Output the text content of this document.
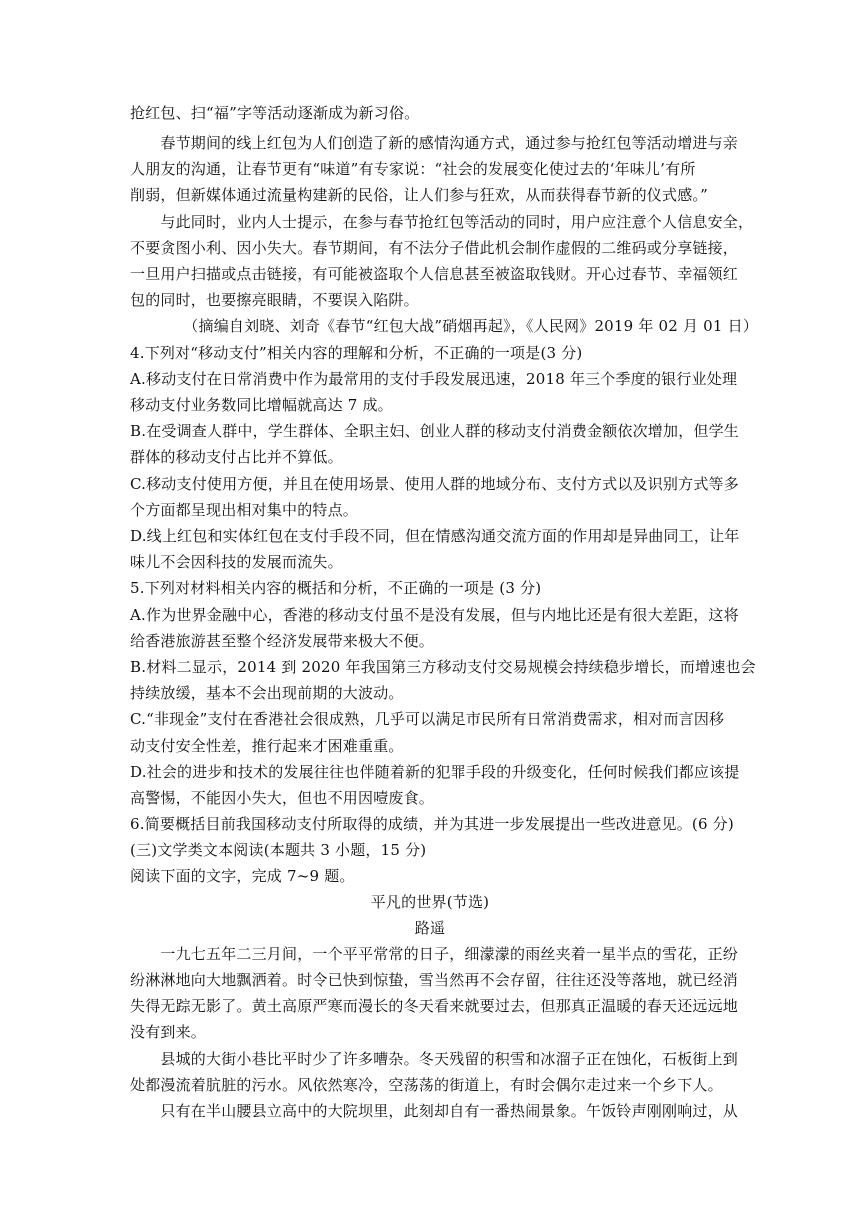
抢红包、扫“福”字等活动逐渐成为新习俗。
　　春节期间的线上红包为人们创造了新的感情沟通方式，通过参与抢红包等活动增进与亲
人朋友的沟通，让春节更有“味道”有专家说：“社会的发展变化使过去的‘年味儿’有所
削弱，但新媒体通过流量构建新的民俗，让人们参与狂欢，从而获得春节新的仪式感。”
　　与此同时，业内人士提示，在参与春节抢红包等活动的同时，用户应注意个人信息安全，
不要贪图小利、因小失大。春节期间，有不法分子借此机会制作虚假的二维码或分享链接，
一旦用户扫描或点击链接，有可能被盗取个人信息甚至被盗取钱财。开心过春节、幸福领红
包的同时，也要擦亮眼睛，不要误入陷阱。
　　　　（摘编自刘晓、刘奇《春节“红包大战”硝烟再起》，《人民网》2019 年 02 月 01 日）
4.下列对“移动支付”相关内容的理解和分析，不正确的一项是(3 分)
A.移动支付在日常消费中作为最常用的支付手段发展迅速，2018 年三个季度的银行业处理
移动支付业务数同比增幅就高达 7 成。
B.在受调查人群中，学生群体、全职主妇、创业人群的移动支付消费金额依次增加，但学生
群体的移动支付占比并不算低。
C.移动支付使用方便，并且在使用场景、使用人群的地域分布、支付方式以及识别方式等多
个方面都呈现出相对集中的特点。
D.线上红包和实体红包在支付手段不同，但在情感沟通交流方面的作用却是异曲同工，让年
味儿不会因科技的发展而流失。
5.下列对材料相关内容的概括和分析，不正确的一项是 (3 分)
A.作为世界金融中心，香港的移动支付虽不是没有发展，但与内地比还是有很大差距，这将
给香港旅游甚至整个经济发展带来极大不便。
B.材料二显示，2014 到 2020 年我国第三方移动支付交易规模会持续稳步增长，而增速也会
持续放缓，基本不会出现前期的大波动。
C.“非现金”支付在香港社会很成熟，几乎可以满足市民所有日常消费需求，相对而言因移
动支付安全性差，推行起来才困难重重。
D.社会的进步和技术的发展往往也伴随着新的犯罪手段的升级变化，任何时候我们都应该提
高警惕，不能因小失大，但也不用因噎废食。
6.简要概括目前我国移动支付所取得的成绩，并为其进一步发展提出一些改进意见。(6 分)
(三)文学类文本阅读(本题共 3 小题，15 分)
阅读下面的文字，完成 7~9 题。
平凡的世界(节选)
路遥
　　一九七五年二三月间，一个平平常常的日子，细濛濛的雨丝夹着一星半点的雪花，正纷
纷淋淋地向大地飘洒着。时令已快到惊蛰，雪当然再不会存留，往往还没等落地，就已经消
失得无踪无影了。黄土高原严寒而漫长的冬天看来就要过去，但那真正温暖的春天还远远地
没有到来。
　　县城的大街小巷比平时少了许多嘈杂。冬天残留的积雪和冰溜子正在蚀化，石板街上到
处都漫流着肮脏的污水。风依然寒冷，空荡荡的街道上，有时会偶尔走过来一个乡下人。
　　只有在半山腰县立高中的大院坝里，此刻却自有一番热闹景象。午饭铃声刚刚响过，从
